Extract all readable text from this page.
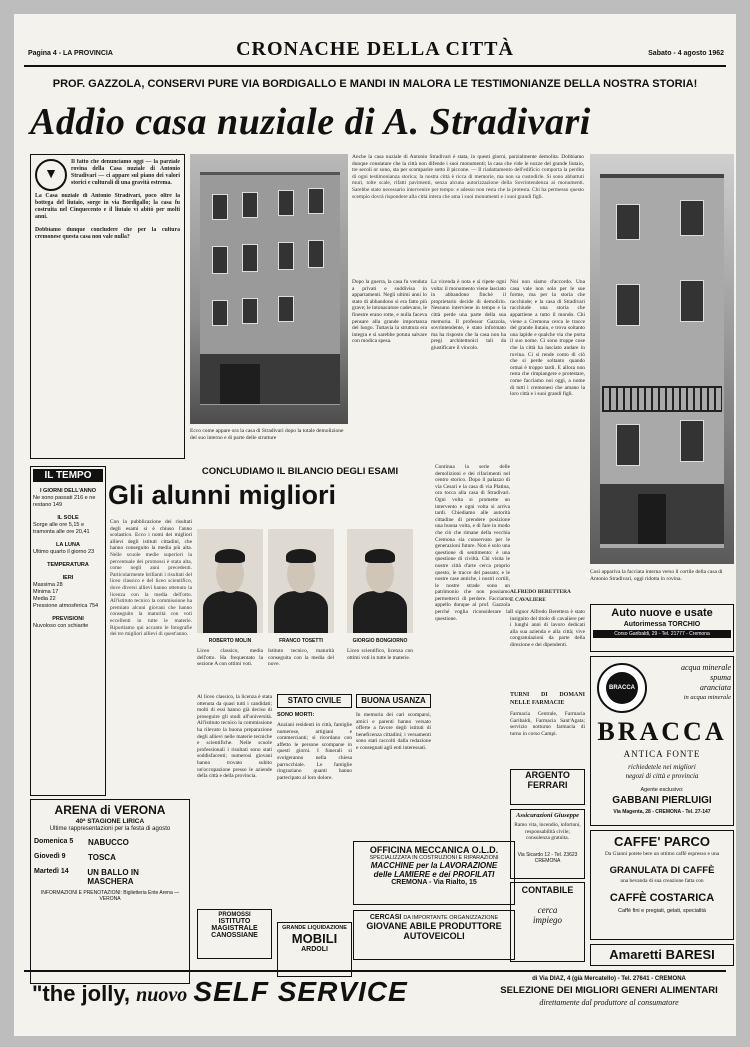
Pagina 4 - LA PROVINCIA	CRONACHE DELLA CITTÀ	Sabato - 4 agosto 1962
PROF. GAZZOLA, CONSERVI PURE VIA BORDIGALLO E MANDI IN MALORA LE TESTIMONIANZE DELLA NOSTRA STORIA!
Addio casa nuziale di A. Stradivari
▼
Il fatto che denunciamo oggi — la parziale rovina della Casa nuziale di Antonio Stradivari — ci appare sul piano dei valori storici e culturali di una gravità estrema.
La Casa nuziale di Antonio Stradivari, poco oltre la bottega del liutaio, sorge in via Bordigallo; la casa fu costruita nel Cinquecento e il liutaio vi abitò per molti anni.
Dobbiamo dunque concludere che per la cultura cremonese questa casa non vale nulla?
Ecco come appare ora la casa di Stradivari dopo la totale demolizione del suo interno e di parte delle strutture
Anche la casa nuziale di Antonio Stradivari è stata, in questi giorni, parzialmente demolita. Dobbiamo dunque constatare che la città non difende i suoi monumenti; la casa che vide le nozze del grande liutaio, tre secoli or sono, sta per scomparire sotto il piccone. — Il riadattamento dell'edificio comporta la perdita di ogni testimonianza storica; la nostra città è ricca di memorie, ma non sa custodirle. Si sono abbattuti muri, tolte scale, rifatti pavimenti, senza alcuna autorizzazione della Sovrintendenza ai monumenti. Sarebbe stato necessario intervenire per tempo: e adesso non resta che la protesta. Chi ha permesso questo scempio dovrà rispondere alla città intera che ama i suoi monumenti e i suoi grandi figli.
Dopo la guerra, la casa fu venduta a privati e suddivisa in appartamenti. Negli ultimi anni lo stato di abbandono si era fatto più grave; le intonacature cadevano, le finestre erano rotte, e nulla faceva pensare alla grande importanza del luogo. Tuttavia la struttura era integra e si sarebbe potuta salvare con modica spesa.
La vicenda è nota e si ripete ogni volta: il monumento viene lasciato in abbandono finchè il proprietario decide di demolirlo. Nessuno interviene in tempo e la città perde una parte della sua memoria. Il professor Gazzola, sovrintendente, è stato informato ma ha risposto che la casa non ha pregi architettonici tali da giustificare il vincolo.
Noi non siamo d'accordo. Una casa vale non solo per le sue forme, ma per la storia che racchiude; e la casa di Stradivari racchiude una storia che appartiene a tutto il mondo. Chi viene a Cremona cerca le tracce del grande liutaio, e trova soltanto una lapide e qualche via che porta il suo nome. Ci sono troppe cose che la città ha lasciato andare in rovina. Ci si rende conto di ciò che si perde soltanto quando ormai è troppo tardi. E allora non resta che rimpiangere e protestare, come facciamo noi oggi, a nome di tutti i cremonesi che amano la loro città e i suoi grandi figli.
CONCLUDIAMO IL BILANCIO DEGLI ESAMI
Gli alunni migliori
Con la pubblicazione dei risultati degli esami si è chiuso l'anno scolastico. Ecco i nomi dei migliori allievi degli istituti cittadini, che hanno conseguito la media più alta. Nelle scuole medie superiori la percentuale dei promossi è stata alta, come negli anni precedenti. Particolarmente brillanti i risultati del liceo classico e del liceo scientifico, dove diversi allievi hanno ottenuto la licenza con la media dell'otto. All'istituto tecnico la commissione ha premiato alcuni giovani che hanno conseguito la maturità con voti eccellenti in tutte le materie. Riportiamo qui accanto le fotografie dei tre migliori allievi di quest'anno.
ROBERTO MOLIN	FRANCO TOSETTI	GIORGIO BONGIORNO
Liceo classico, media dell'otto. Ha frequentato la sezione A con ottimi voti.
Istituto tecnico, maturità conseguita con la media del nove.
Liceo scientifico, licenza con ottimi voti in tutte le materie.
Al liceo classico, la licenza è stata ottenuta da quasi tutti i candidati; molti di essi hanno già deciso di proseguire gli studi all'università. All'istituto tecnico la commissione ha rilevato la buona preparazione degli allievi nelle materie tecniche e scientifiche. Nelle scuole professionali i risultati sono stati soddisfacenti; numerosi giovani hanno trovato subito un'occupazione presso le aziende della città e della provincia.
STATO CIVILE
SONO MORTI:
Anziani residenti in città, famiglie numerose, artigiani e commercianti; si ricordano con affetto le persone scomparse in questi giorni. I funerali si svolgeranno nella chiesa parrocchiale. Le famiglie ringraziano quanti hanno partecipato al loro dolore.
BUONA USANZA
In memoria dei cari scomparsi, amici e parenti hanno versato offerte a favore degli istituti di beneficenza cittadini; i versamenti sono stati raccolti dalla redazione e consegnati agli enti interessati.
Continua la serie delle demolizioni e dei rifacimenti nel centro storico. Dopo il palazzo di via Cesari e la casa di via Platina, ora tocca alla casa di Stradivari. Ogni volta si promette un intervento e ogni volta si arriva tardi. Chiediamo alle autorità cittadine di prendere posizione una buona volta, e di fare in modo che ciò che rimane della vecchia Cremona sia conservato per le generazioni future. Non è solo una questione di sentimento: è una questione di civiltà. Chi visita le nostre città d'arte cerca proprio questo, le tracce del passato; e le nostre case antiche, i nostri cortili, le nostre strade sono un patrimonio che non possiamo permetterci di perdere. Facciamo appello dunque al prof. Gazzola perché voglia riconsiderare la questione.
IL TEMPO
I GIORNI DELL'ANNO
Ne sono passati 216 e ne restano 149
IL SOLE
Sorge alle ore 5,15 e tramonta alle ore 20,41
LA LUNA
Ultimo quarto il giorno 23
TEMPERATURA
IERI
Massima 28
Minima 17
Media 22
Pressione atmosferica 754
PREVISIONI
Nuvoloso con schiarite
ARENA di VERONA
40ª STAGIONE LIRICA
Ultime rappresentazioni per la festa di agosto
Domenica 5	NABUCCO
Giovedì 9	TOSCA
Martedì 14	UN BALLO IN MASCHERA
INFORMAZIONI E PRENOTAZIONI: Biglietteria Ente Arena — VERONA
PROMOSSI
ISTITUTO
MAGISTRALE
CANOSSIANE
GRANDE LIQUIDAZIONE
MOBILI
ARDOLI
OFFICINA MECCANICA O.L.D.
SPECIALIZZATA IN COSTRUZIONI E RIPARAZIONI
MACCHINE per la LAVORAZIONE
delle LAMIERE e dei PROFILATI
CREMONA - Via Rialto, 15
CERCASI DA IMPORTANTE ORGANIZZAZIONE
GIOVANE ABILE PRODUTTORE
AUTOVEICOLI
ALFREDO BERETTERA
È CAVALIERE
Il signor Alfredo Berettera è stato insignito del titolo di cavaliere per i lunghi anni di lavoro dedicati alla sua azienda e alla città; vive congratulazioni da parte della direzione e dei dipendenti.
TURNI DI DOMANI NELLE FARMACIE
Farmacia Centrale, Farmacia Garibaldi, Farmacia Sant'Agata; servizio notturno farmacia di turno in corso Campi.
ARGENTO
FERRARI
Assicurazioni Giuseppe
Ramo vita, incendio, infortuni, responsabilità civile; consulenza gratuita.
Via Sicardo 12 - Tel. 23623
CREMONA
CONTABILE
cerca
impiego
Così appariva la facciata interna verso il cortile della casa di Antonio Stradivari, oggi ridotta in rovina.
Auto nuove e usate
Autorimessa TORCHIO
Corso Garibaldi, 29 - Tel. 21777 - Cremona
BRACCA
acqua minerale
spuma
aranciata
in acqua minerale
BRACCA
ANTICA FONTE
richiedetele nei migliori
negozi di città e provincia
Agente esclusivo:
GABBANI PIERLUIGI
Via Magenta, 28 - CREMONA - Tel. 27-147
CAFFE' PARCO
Da Gianni potete bere un ottimo caffè espresso e una
GRANULATA DI CAFFÈ
una bevanda di sua creazione fatta con
CAFFÈ COSTARICA
Caffè fini e pregiati, gelati, specialità
Amaretti BARESI
"the jolly, nuovo SELF SERVICE	di Via DIAZ, 4 (già Mercatello) - Tel. 27641 - CREMONA
SELEZIONE DEI MIGLIORI GENERI ALIMENTARI
direttamente dal produttore al consumatore
